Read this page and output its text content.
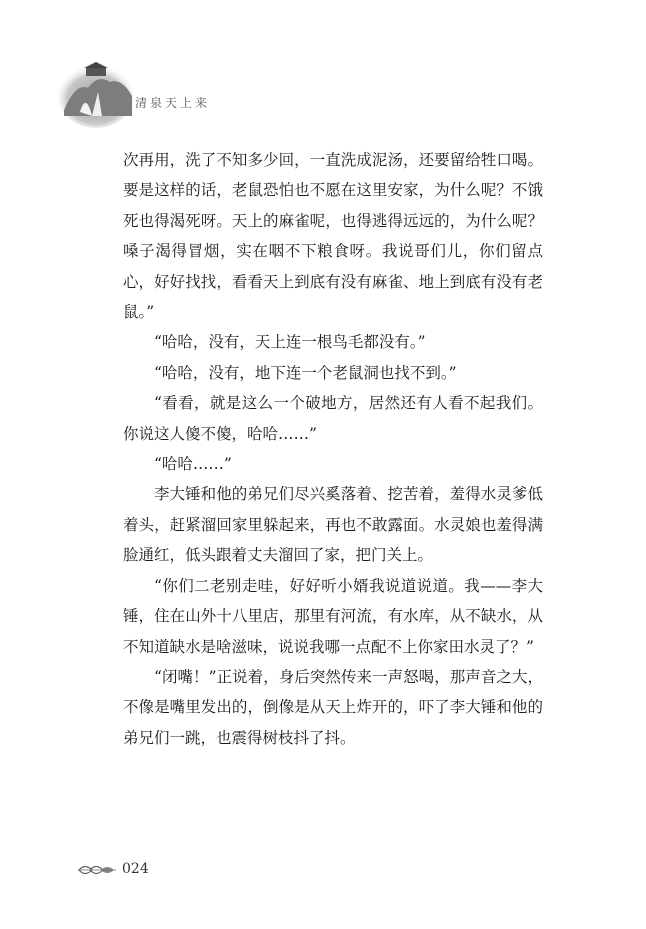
清泉天上来

次再用，洗了不知多少回，一直洗成泥汤，还要留给牲口喝。要是这样的话，老鼠恐怕也不愿在这里安家，为什么呢？不饿死也得渴死呀。天上的麻雀呢，也得逃得远远的，为什么呢？嗓子渴得冒烟，实在咽不下粮食呀。我说哥们儿，你们留点心，好好找找，看看天上到底有没有麻雀、地上到底有没有老鼠。”

“哈哈，没有，天上连一根鸟毛都没有。”

“哈哈，没有，地下连一个老鼠洞也找不到。”

“看看，就是这么一个破地方，居然还有人看不起我们。你说这人傻不傻，哈哈……”

“哈哈……”

李大锤和他的弟兄们尽兴奚落着、挖苦着，羞得水灵爹低着头，赶紧溜回家里躲起来，再也不敢露面。水灵娘也羞得满脸通红，低头跟着丈夫溜回了家，把门关上。

“你们二老别走哇，好好听小婿我说道说道。我——李大锤，住在山外十八里店，那里有河流，有水库，从不缺水，从不知道缺水是啥滋味，说说我哪一点配不上你家田水灵了？”

“闭嘴！”正说着，身后突然传来一声怒喝，那声音之大，不像是嘴里发出的，倒像是从天上炸开的，吓了李大锤和他的弟兄们一跳，也震得树枝抖了抖。

024
